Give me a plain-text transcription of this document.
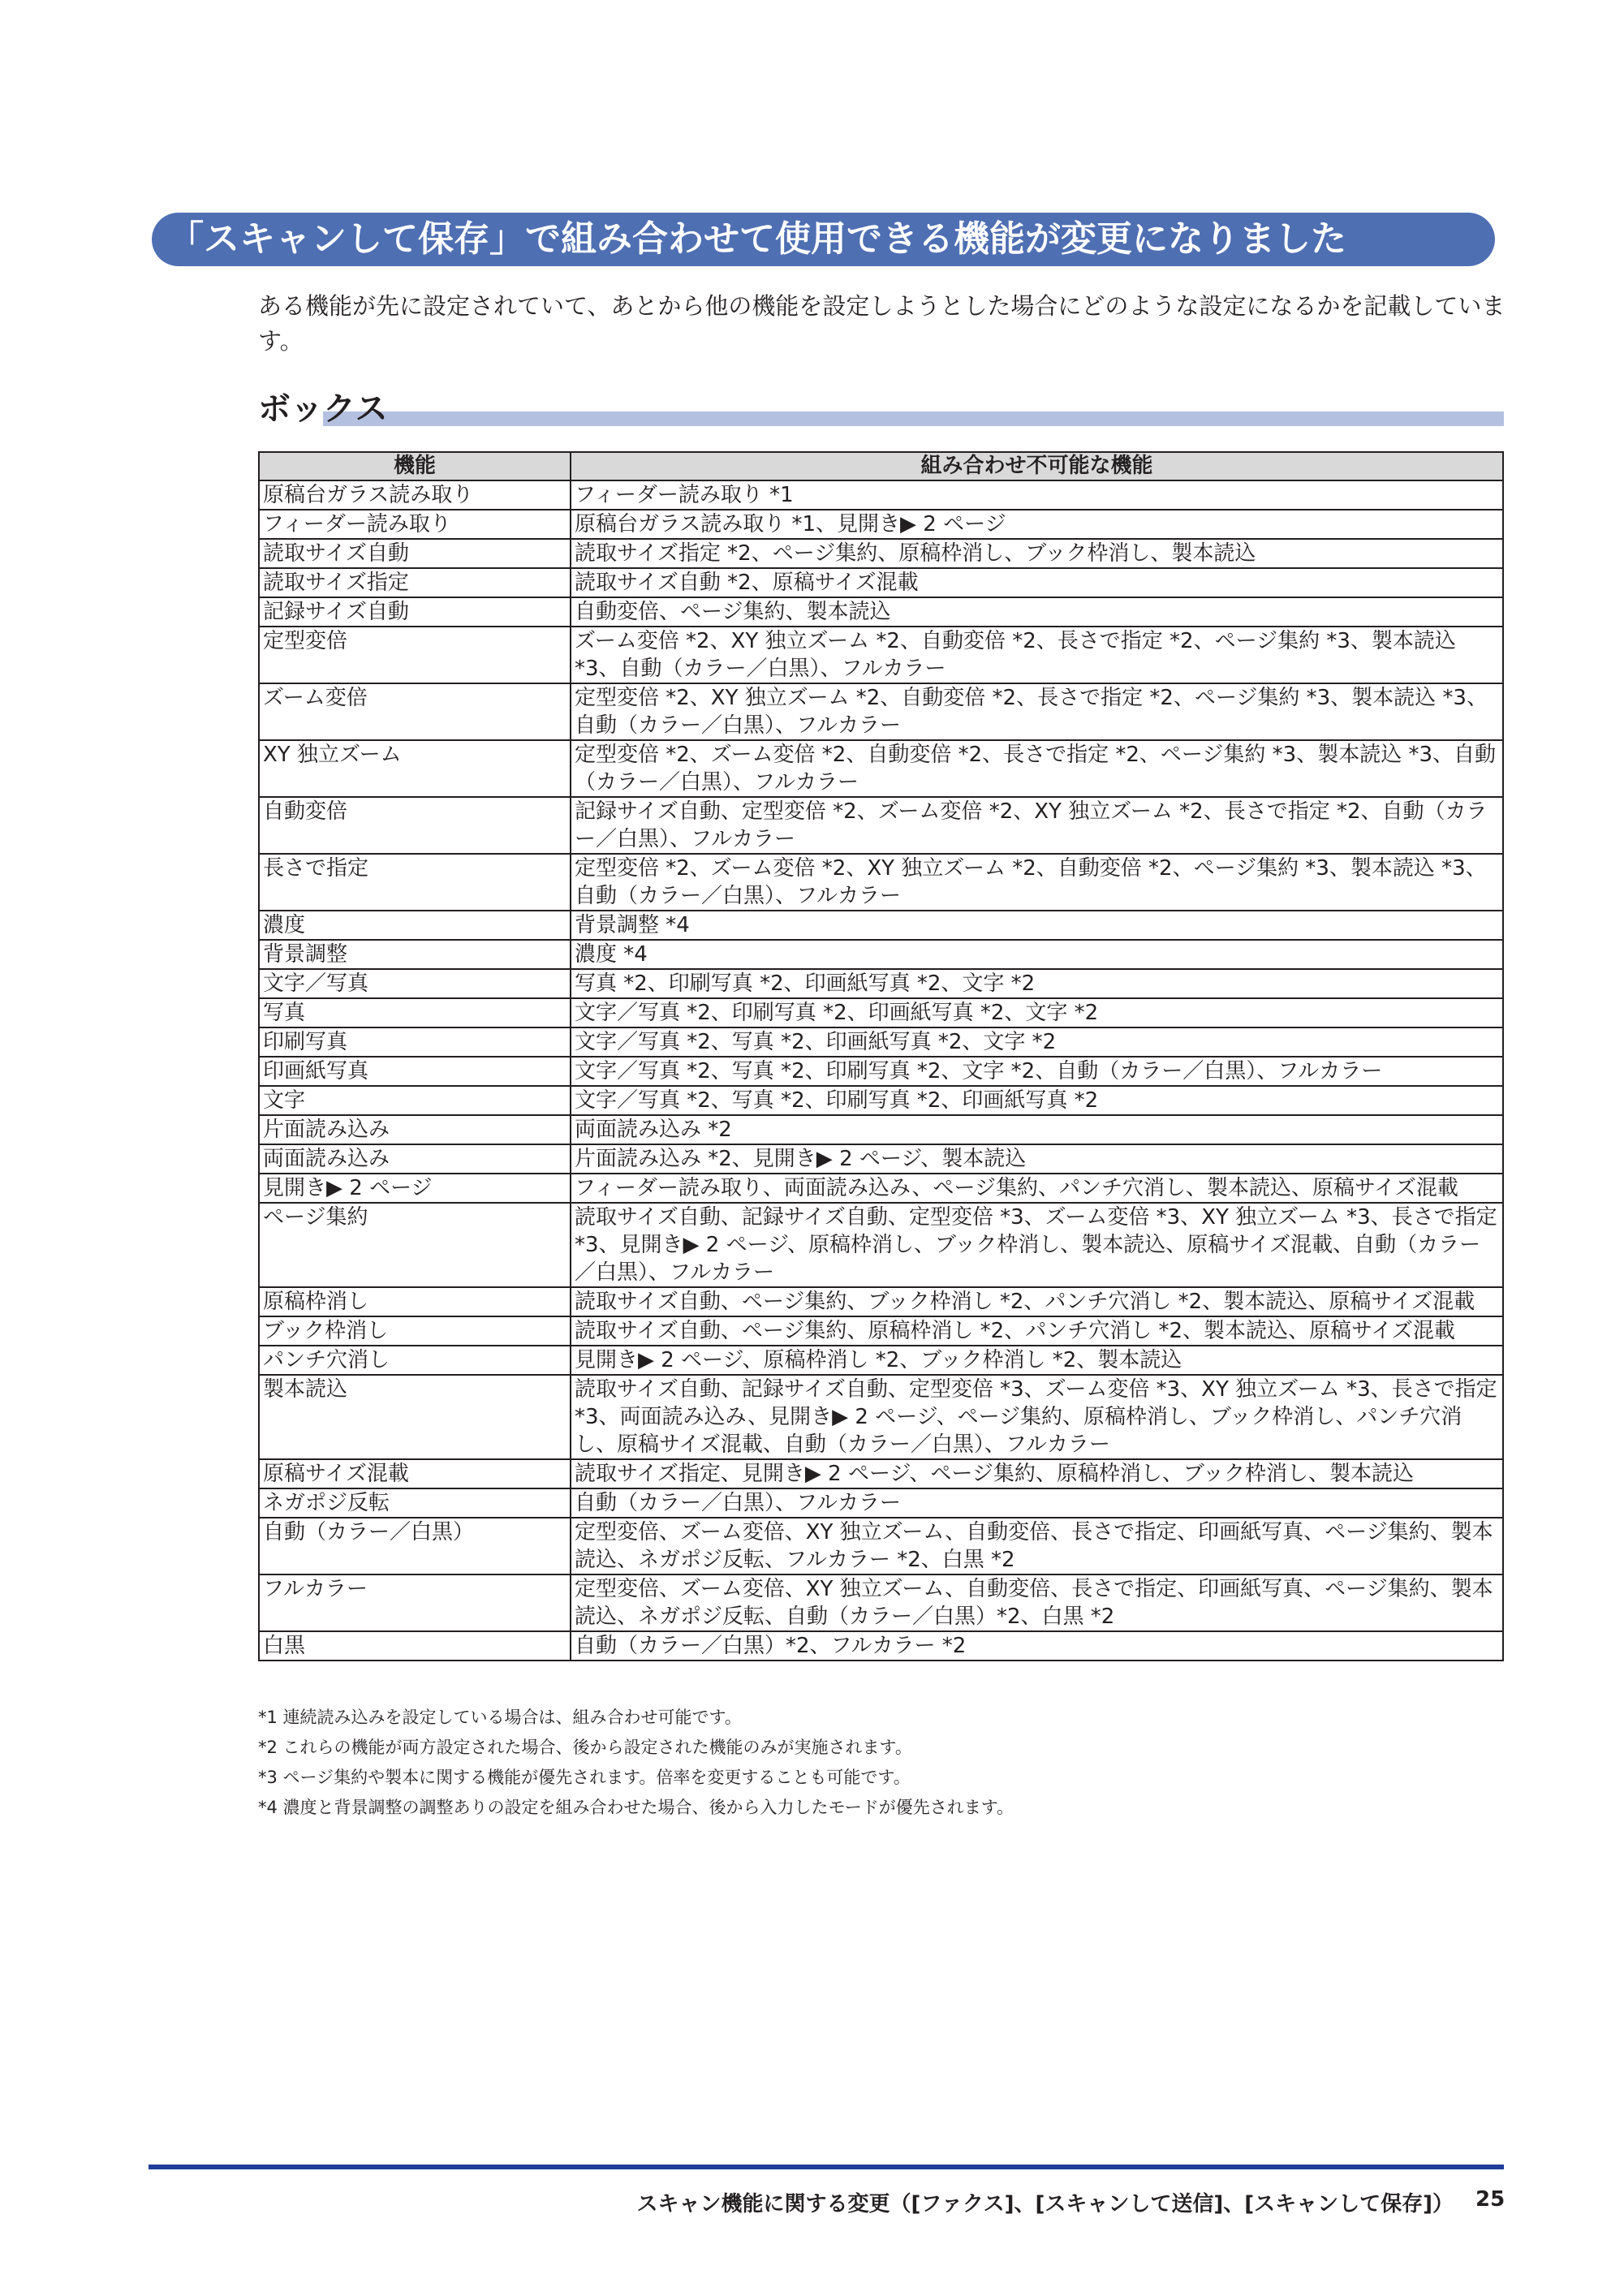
「スキャンして保存」で組み合わせて使用できる機能が変更になりました
ある機能が先に設定されていて、あとから他の機能を設定しようとした場合にどのような設定になるかを記載しています。
ボックス
機能	組み合わせ不可能な機能
原稿台ガラス読み取り	フィーダー読み取り *1
フィーダー読み取り	原稿台ガラス読み取り *1、見開き▶ 2 ページ
読取サイズ自動	読取サイズ指定 *2、ページ集約、原稿枠消し、ブック枠消し、製本読込
読取サイズ指定	読取サイズ自動 *2、原稿サイズ混載
記録サイズ自動	自動変倍、ページ集約、製本読込
定型変倍	ズーム変倍 *2、XY 独立ズーム *2、自動変倍 *2、長さで指定 *2、ページ集約 *3、製本読込 *3、自動（カラー／白黒）、フルカラー
ズーム変倍	定型変倍 *2、XY 独立ズーム *2、自動変倍 *2、長さで指定 *2、ページ集約 *3、製本読込 *3、自動（カラー／白黒）、フルカラー
XY 独立ズーム	定型変倍 *2、ズーム変倍 *2、自動変倍 *2、長さで指定 *2、ページ集約 *3、製本読込 *3、自動（カラー／白黒）、フルカラー
自動変倍	記録サイズ自動、定型変倍 *2、ズーム変倍 *2、XY 独立ズーム *2、長さで指定 *2、自動（カラー／白黒）、フルカラー
長さで指定	定型変倍 *2、ズーム変倍 *2、XY 独立ズーム *2、自動変倍 *2、ページ集約 *3、製本読込 *3、自動（カラー／白黒）、フルカラー
濃度	背景調整 *4
背景調整	濃度 *4
文字／写真	写真 *2、印刷写真 *2、印画紙写真 *2、文字 *2
写真	文字／写真 *2、印刷写真 *2、印画紙写真 *2、文字 *2
印刷写真	文字／写真 *2、写真 *2、印画紙写真 *2、文字 *2
印画紙写真	文字／写真 *2、写真 *2、印刷写真 *2、文字 *2、自動（カラー／白黒）、フルカラー
文字	文字／写真 *2、写真 *2、印刷写真 *2、印画紙写真 *2
片面読み込み	両面読み込み *2
両面読み込み	片面読み込み *2、見開き▶ 2 ページ、製本読込
見開き▶ 2 ページ	フィーダー読み取り、両面読み込み、ページ集約、パンチ穴消し、製本読込、原稿サイズ混載
ページ集約	読取サイズ自動、記録サイズ自動、定型変倍 *3、ズーム変倍 *3、XY 独立ズーム *3、長さで指定 *3、見開き▶ 2 ページ、原稿枠消し、ブック枠消し、製本読込、原稿サイズ混載、自動（カラー／白黒）、フルカラー
原稿枠消し	読取サイズ自動、ページ集約、ブック枠消し *2、パンチ穴消し *2、製本読込、原稿サイズ混載
ブック枠消し	読取サイズ自動、ページ集約、原稿枠消し *2、パンチ穴消し *2、製本読込、原稿サイズ混載
パンチ穴消し	見開き▶ 2 ページ、原稿枠消し *2、ブック枠消し *2、製本読込
製本読込	読取サイズ自動、記録サイズ自動、定型変倍 *3、ズーム変倍 *3、XY 独立ズーム *3、長さで指定 *3、両面読み込み、見開き▶ 2 ページ、ページ集約、原稿枠消し、ブック枠消し、パンチ穴消し、原稿サイズ混載、自動（カラー／白黒）、フルカラー
原稿サイズ混載	読取サイズ指定、見開き▶ 2 ページ、ページ集約、原稿枠消し、ブック枠消し、製本読込
ネガポジ反転	自動（カラー／白黒）、フルカラー
自動（カラー／白黒）	定型変倍、ズーム変倍、XY 独立ズーム、自動変倍、長さで指定、印画紙写真、ページ集約、製本読込、ネガポジ反転、フルカラー *2、白黒 *2
フルカラー	定型変倍、ズーム変倍、XY 独立ズーム、自動変倍、長さで指定、印画紙写真、ページ集約、製本読込、ネガポジ反転、自動（カラー／白黒）*2、白黒 *2
白黒	自動（カラー／白黒）*2、フルカラー *2
*1 連続読み込みを設定している場合は、組み合わせ可能です。
*2 これらの機能が両方設定された場合、後から設定された機能のみが実施されます。
*3 ページ集約や製本に関する機能が優先されます。倍率を変更することも可能です。
*4 濃度と背景調整の調整ありの設定を組み合わせた場合、後から入力したモードが優先されます。
スキャン機能に関する変更（[ファクス]、[スキャンして送信]、[スキャンして保存]） 25
